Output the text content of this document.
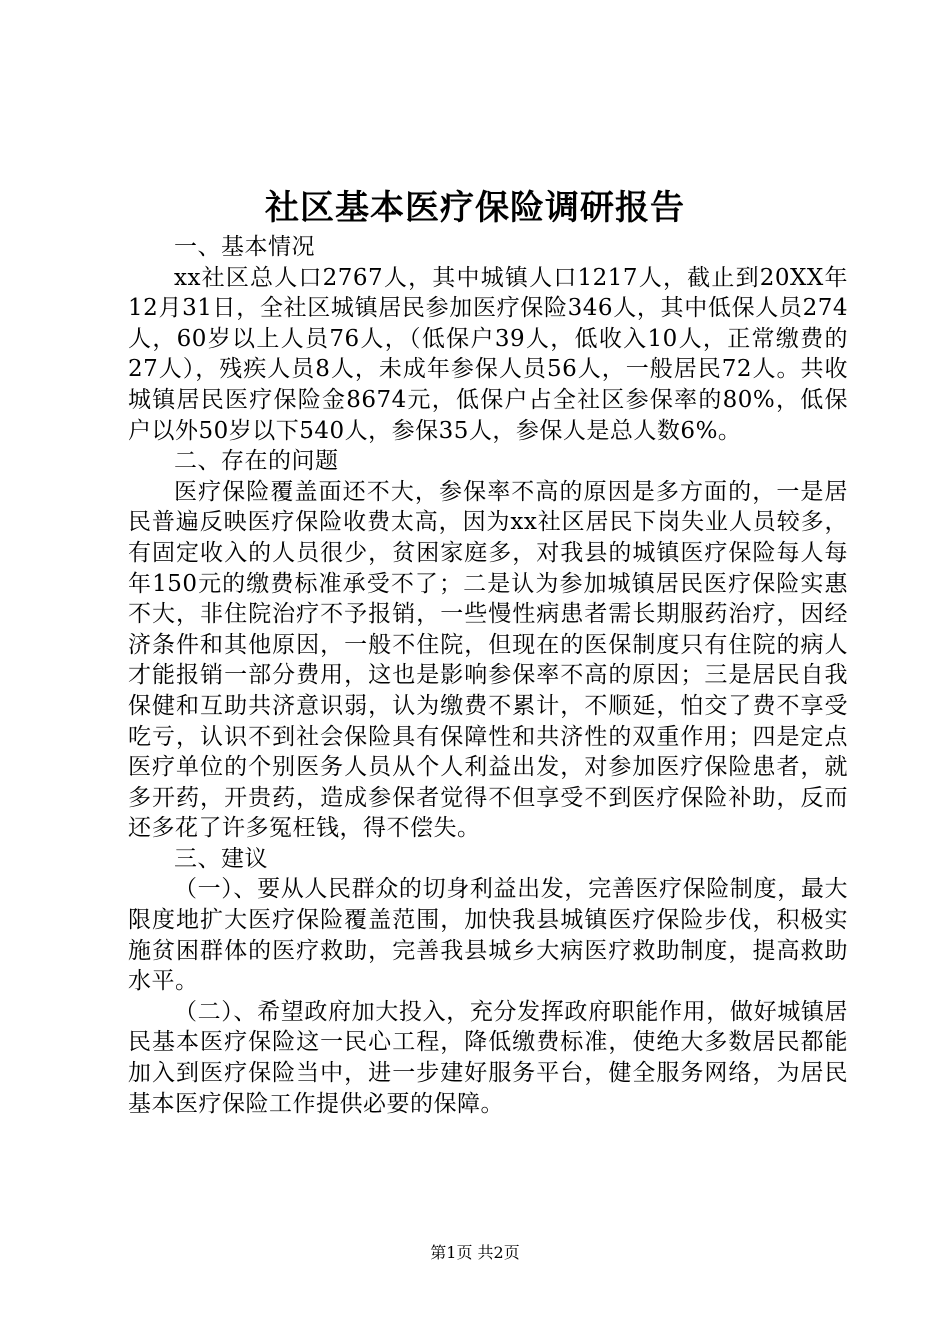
社区基本医疗保险调研报告

一、基本情况

xx社区总人口2767人，其中城镇人口1217人，截止到20XX年12月31日，全社区城镇居民参加医疗保险346人，其中低保人员274人，60岁以上人员76人，（低保户39人，低收入10人，正常缴费的27人），残疾人员8人，未成年参保人员56人，一般居民72人。共收城镇居民医疗保险金8674元，低保户占全社区参保率的80%，低保户以外50岁以下540人，参保35人，参保人是总人数6%。

二、存在的问题

医疗保险覆盖面还不大，参保率不高的原因是多方面的，一是居民普遍反映医疗保险收费太高，因为xx社区居民下岗失业人员较多，有固定收入的人员很少，贫困家庭多，对我县的城镇医疗保险每人每年150元的缴费标准承受不了；二是认为参加城镇居民医疗保险实惠不大，非住院治疗不予报销，一些慢性病患者需长期服药治疗，因经济条件和其他原因，一般不住院，但现在的医保制度只有住院的病人才能报销一部分费用，这也是影响参保率不高的原因；三是居民自我保健和互助共济意识弱，认为缴费不累计，不顺延，怕交了费不享受吃亏，认识不到社会保险具有保障性和共济性的双重作用；四是定点医疗单位的个别医务人员从个人利益出发，对参加医疗保险患者，就多开药，开贵药，造成参保者觉得不但享受不到医疗保险补助，反而还多花了许多冤枉钱，得不偿失。

三、建议

（一）、要从人民群众的切身利益出发，完善医疗保险制度，最大限度地扩大医疗保险覆盖范围，加快我县城镇医疗保险步伐，积极实施贫困群体的医疗救助，完善我县城乡大病医疗救助制度，提高救助水平。

（二）、希望政府加大投入，充分发挥政府职能作用，做好城镇居民基本医疗保险这一民心工程，降低缴费标准，使绝大多数居民都能加入到医疗保险当中，进一步建好服务平台，健全服务网络，为居民基本医疗保险工作提供必要的保障。

第1页 共2页
